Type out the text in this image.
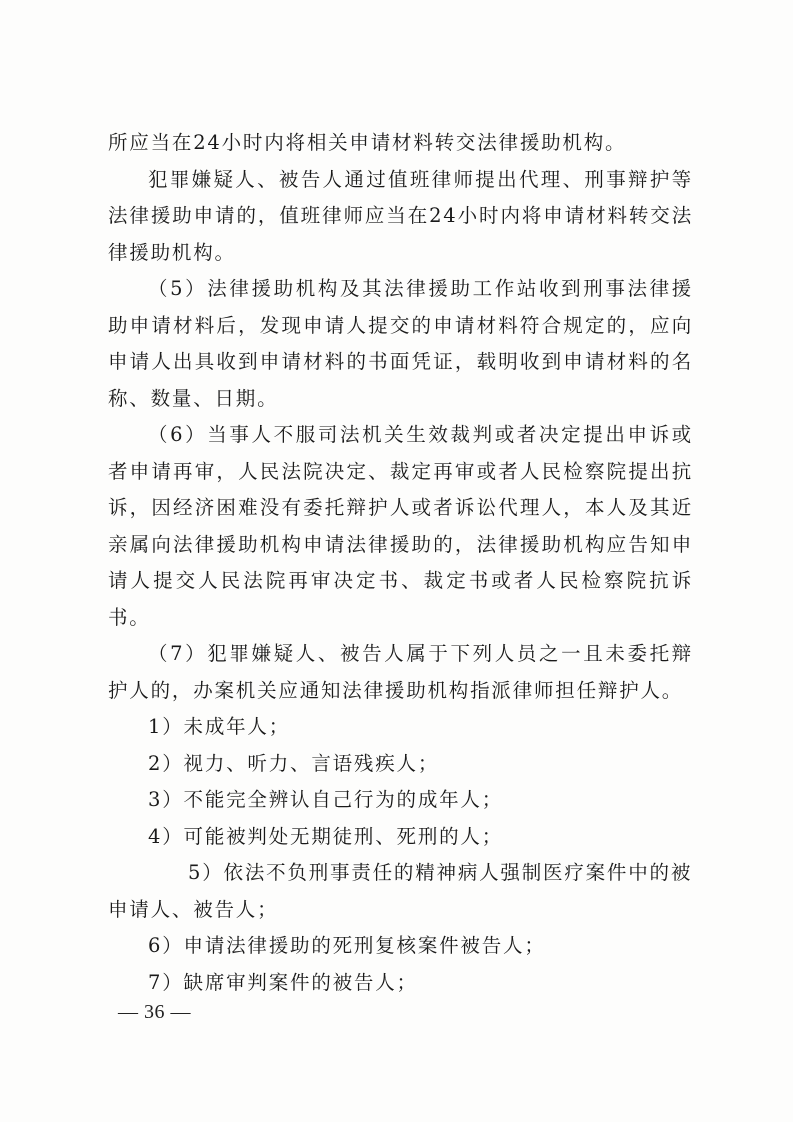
所应当在24小时内将相关申请材料转交法律援助机构。

犯罪嫌疑人、被告人通过值班律师提出代理、刑事辩护等法律援助申请的，值班律师应当在24小时内将申请材料转交法律援助机构。

（5）法律援助机构及其法律援助工作站收到刑事法律援助申请材料后，发现申请人提交的申请材料符合规定的，应向申请人出具收到申请材料的书面凭证，载明收到申请材料的名称、数量、日期。

（6）当事人不服司法机关生效裁判或者决定提出申诉或者申请再审，人民法院决定、裁定再审或者人民检察院提出抗诉，因经济困难没有委托辩护人或者诉讼代理人，本人及其近亲属向法律援助机构申请法律援助的，法律援助机构应告知申请人提交人民法院再审决定书、裁定书或者人民检察院抗诉书。

（7）犯罪嫌疑人、被告人属于下列人员之一且未委托辩护人的，办案机关应通知法律援助机构指派律师担任辩护人。

1）未成年人；
2）视力、听力、言语残疾人；
3）不能完全辨认自己行为的成年人；
4）可能被判处无期徒刑、死刑的人；
5）依法不负刑事责任的精神病人强制医疗案件中的被申请人、被告人；
6）申请法律援助的死刑复核案件被告人；
7）缺席审判案件的被告人；
— 36 —
